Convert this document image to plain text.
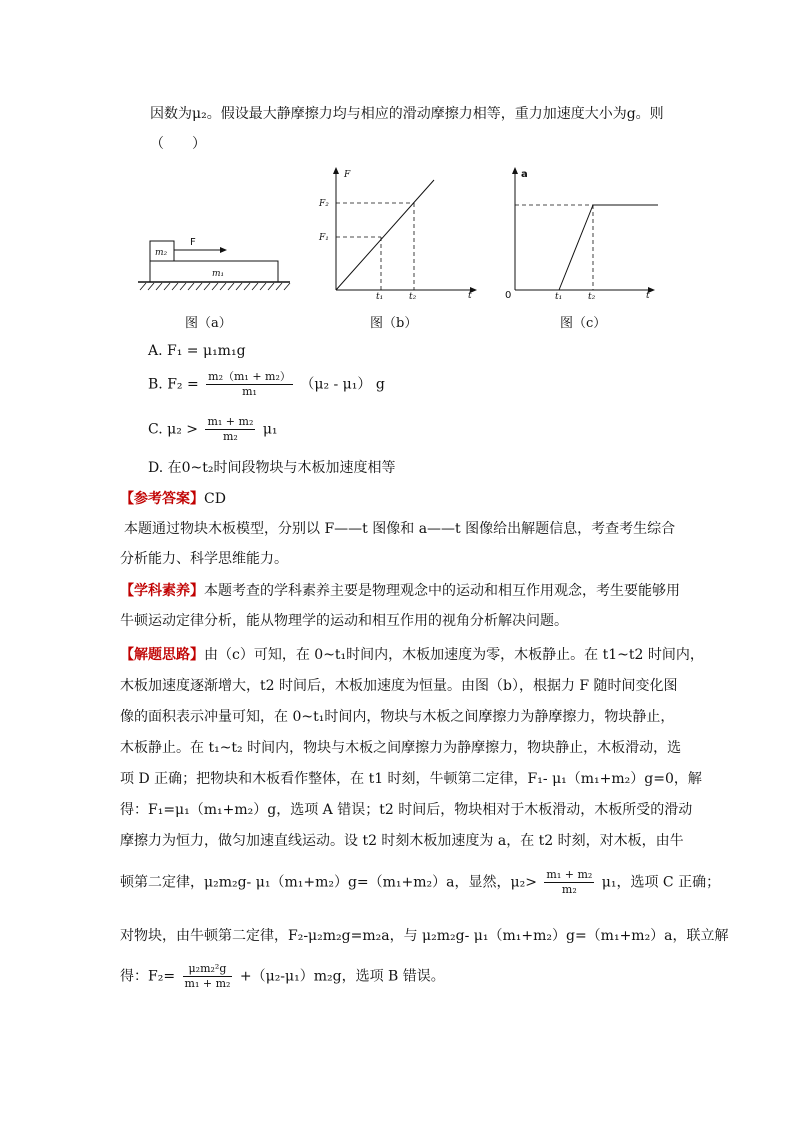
因数为μ₂。假设最大静摩擦力均与相应的滑动摩擦力相等，重力加速度大小为g。则
（　　）
m₂
m₁
F
图（a）
F
t
F₂
F₁
t₁	t₂
图（b）
a
t
0	t₁	t₂
图（c）
A. F₁ = μ₁m₁g
B. $F_2 = \frac{\text{m₂（m₁ + m₂）}}{\text{m₁}} (\mu_2 - \mu_1)$ g
C. $\mu_2 > \frac{\text{m₁ + m₂}}{\text{m₂}} \mu_1$
D. 在0~t₂时间段物块与木板加速度相等
【参考答案】CD
本题通过物块木板模型，分别以 F——t 图像和 a——t 图像给出解题信息，考查考生综合
分析能力、科学思维能力。
【学科素养】本题考查的学科素养主要是物理观念中的运动和相互作用观念，考生要能够用
牛顿运动定律分析，能从物理学的运动和相互作用的视角分析解决问题。
【解题思路】由（c）可知，在 0~t₁时间内，木板加速度为零，木板静止。在 t1~t2 时间内，
木板加速度逐渐增大，t2 时间后，木板加速度为恒量。由图（b），根据力 F 随时间变化图
像的面积表示冲量可知，在 0~t₁时间内，物块与木板之间摩擦力为静摩擦力，物块静止，
木板静止。在 t₁~t₂ 时间内，物块与木板之间摩擦力为静摩擦力，物块静止，木板滑动，选
项 D 正确；把物块和木板看作整体，在 t1 时刻，牛顿第二定律，F₁- μ₁（m₁+m₂）g=0，解
得：F₁=μ₁（m₁+m₂）g，选项 A 错误；t2 时间后，物块相对于木板滑动，木板所受的滑动
摩擦力为恒力，做匀加速直线运动。设 t2 时刻木板加速度为 a，在 t2 时刻，对木板，由牛
顿第二定律，μ₂m₂g- μ₁（m₁+m₂）g=（m₁+m₂）a，显然，$\mu_2> \frac{\text{m₁ + m₂}}{\text{m₂}} \mu_1$，选项 C 正确；
对物块，由牛顿第二定律，F₂-μ₂m₂g=m₂a，与 μ₂m₂g- μ₁（m₁+m₂）g=（m₁+m₂）a，联立解
得：$F_2= \frac{\text{μ₂m₂²g}}{\text{m₁ + m₂}} +(\mu_2-\mu_1)m_2g$，选项 B 错误。
